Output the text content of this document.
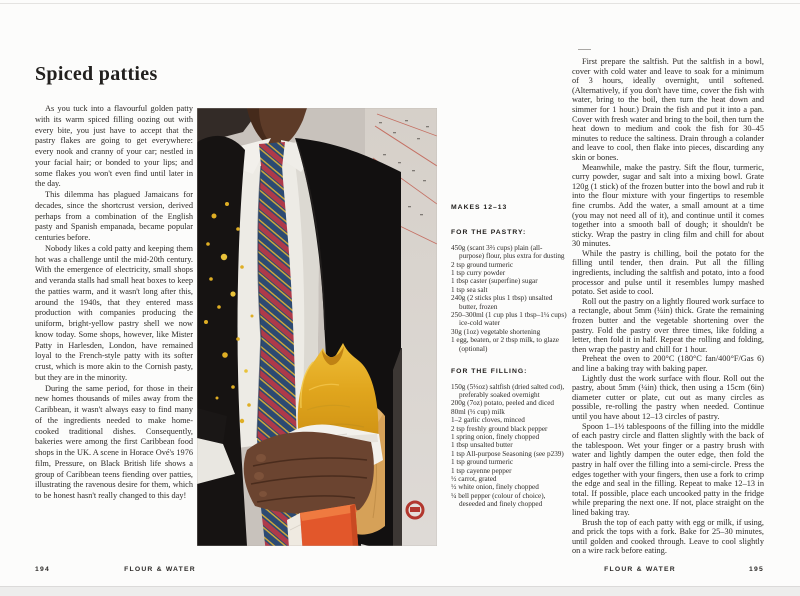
Spiced patties

As you tuck into a flavourful golden patty with its warm spiced filling oozing out with every bite, you just have to accept that the pastry flakes are going to get everywhere: every nook and cranny of your car; nestled in your facial hair; or bonded to your lips; and some flakes you won't even find until later in the day.

This dilemma has plagued Jamaicans for decades, since the shortcrust version, derived perhaps from a combination of the English pasty and Spanish empanada, became popular centuries before.

Nobody likes a cold patty and keeping them hot was a challenge until the mid-20th century. With the emergence of electricity, small shops and veranda stalls had small heat boxes to keep the patties warm, and it wasn't long after this, around the 1940s, that they entered mass production with companies producing the uniform, bright-yellow pastry shell we now know today. Some shops, however, like Mister Patty in Harlesden, London, have remained loyal to the French-style patty with its softer crust, which is more akin to the Cornish pasty, but they are in the minority.

During the same period, for those in their new homes thousands of miles away from the Caribbean, it wasn't always easy to find many of the ingredients needed to make home-cooked traditional dishes. Consequently, bakeries were among the first Caribbean food shops in the UK. A scene in Horace Ové's 1976 film, Pressure, on Black British life shows a group of Caribbean teens fiending over patties, illustrating the ravenous desire for them, which to be honest hasn't really changed to this day!

MAKES 12–13
FOR THE PASTRY:
450g (scant 3⅔ cups) plain (all-purpose) flour, plus extra for dusting
2 tsp ground turmeric
1 tsp curry powder
1 tbsp caster (superfine) sugar
1 tsp sea salt
240g (2 sticks plus 1 tbsp) unsalted butter, frozen
250–300ml (1 cup plus 1 tbsp–1¼ cups) ice-cold water
30g (1oz) vegetable shortening
1 egg, beaten, or 2 tbsp milk, to glaze (optional)
FOR THE FILLING:
150g (5⅓oz) saltfish (dried salted cod), preferably soaked overnight
200g (7oz) potato, peeled and diced
80ml (⅓ cup) milk
1–2 garlic cloves, minced
2 tsp freshly ground black pepper
1 spring onion, finely chopped
1 tbsp unsalted butter
1 tsp All-purpose Seasoning (see p239)
1 tsp ground turmeric
1 tsp cayenne pepper
½ carrot, grated
½ white onion, finely chopped
¼ bell pepper (colour of choice), deseeded and finely chopped

First prepare the saltfish. Put the saltfish in a bowl, cover with cold water and leave to soak for a minimum of 3 hours, ideally overnight, until softened. (Alternatively, if you don't have time, cover the fish with water, bring to the boil, then turn the heat down and simmer for 1 hour.) Drain the fish and put it into a pan. Cover with fresh water and bring to the boil, then turn the heat down to medium and cook the fish for 30–45 minutes to reduce the saltiness. Drain through a colander and leave to cool, then flake into pieces, discarding any skin or bones.

Meanwhile, make the pastry. Sift the flour, turmeric, curry powder, sugar and salt into a mixing bowl. Grate 120g (1 stick) of the frozen butter into the bowl and rub it into the flour mixture with your fingertips to resemble fine crumbs. Add the water, a small amount at a time (you may not need all of it), and continue until it comes together into a smooth ball of dough; it shouldn't be sticky. Wrap the pastry in cling film and chill for about 30 minutes.

While the pastry is chilling, boil the potato for the filling until tender, then drain. Put all the filling ingredients, including the saltfish and potato, into a food processor and pulse until it resembles lumpy mashed potato. Set aside to cool.

Roll out the pastry on a lightly floured work surface to a rectangle, about 5mm (¼in) thick. Grate the remaining frozen butter and the vegetable shortening over the pastry. Fold the pastry over three times, like folding a letter, then fold it in half. Repeat the rolling and folding, then wrap the pastry and chill for 1 hour.

Preheat the oven to 200°C (180°C fan/400°F/Gas 6) and line a baking tray with baking paper.

Lightly dust the work surface with flour. Roll out the pastry, about 5mm (¼in) thick, then using a 15cm (6in) diameter cutter or plate, cut out as many circles as possible, re-rolling the pastry when needed. Continue until you have about 12–13 circles of pastry.

Spoon 1–1½ tablespoons of the filling into the middle of each pastry circle and flatten slightly with the back of the tablespoon. Wet your finger or a pastry brush with water and lightly dampen the outer edge, then fold the pastry in half over the filling into a semi-circle. Press the edges together with your fingers, then use a fork to crimp the edge and seal in the filling. Repeat to make 12–13 in total. If possible, place each uncooked patty in the fridge while preparing the next one. If not, place straight on the lined baking tray.

Brush the top of each patty with egg or milk, if using, and prick the tops with a fork. Bake for 25–30 minutes, until golden and cooked through. Leave to cool slightly on a wire rack before eating.

194	FLOUR & WATER	FLOUR & WATER	195
